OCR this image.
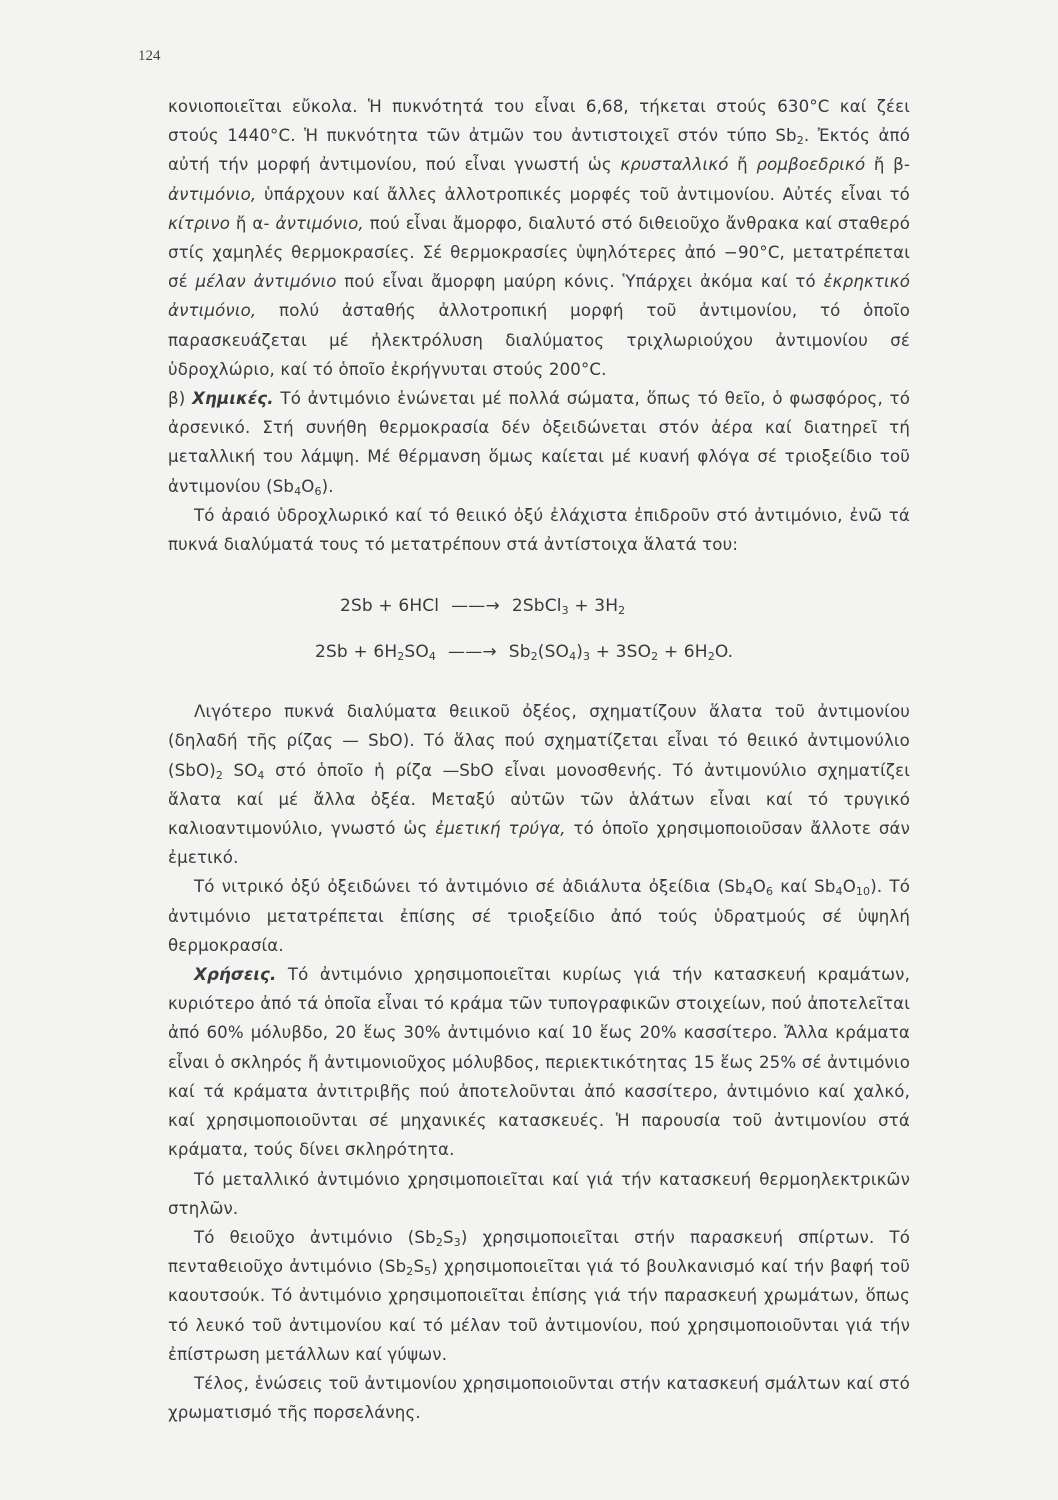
124

κονιοποιεῖται εὔκολα. Ἡ πυκνότητά του εἶναι 6,68, τήκεται στούς 630°C καί ζέει στούς 1440°C. Ἡ πυκνότητα τῶν ἀτμῶν του ἀντιστοιχεῖ στόν τύπο $Sb_2$. Ἐκτός ἀπό αὐτή τήν μορφή ἀντιμονίου, πού εἶναι γνωστή ὡς κρυσταλλικό ἤ ρομβοεδρικό ἤ β- ἀντιμόνιο, ὑπάρχουν καί ἄλλες ἀλλοτροπικές μορφές τοῦ ἀντιμονίου. Αὐτές εἶναι τό κίτρινο ἤ α- ἀντιμόνιο, πού εἶναι ἄμορφο, διαλυτό στό διθειοῦχο ἄνθρακα καί σταθερό στίς χαμηλές θερμοκρασίες. Σέ θερμοκρασίες ὑψηλότερες ἀπό −90°C, μετατρέπεται σέ μέλαν ἀντιμόνιο πού εἶναι ἄμορφη μαύρη κόνις. Ὑπάρχει ἀκόμα καί τό ἐκρηκτικό ἀντιμόνιο, πολύ ἀσταθής ἀλλοτροπική μορφή τοῦ ἀντιμονίου, τό ὁποῖο παρασκευάζεται μέ ἠλεκτρόλυση διαλύματος τριχλωριούχου ἀντιμονίου σέ ὑδροχλώριο, καί τό ὁποῖο ἐκρήγνυται στούς 200°C.

β) Χημικές. Τό ἀντιμόνιο ἑνώνεται μέ πολλά σώματα, ὅπως τό θεῖο, ὁ φωσφόρος, τό ἀρσενικό. Στή συνήθη θερμοκρασία δέν ὀξειδώνεται στόν ἀέρα καί διατηρεῖ τή μεταλλική του λάμψη. Μέ θέρμανση ὅμως καίεται μέ κυανή φλόγα σέ τριοξείδιο τοῦ ἀντιμονίου $(Sb_4O_6)$.

Τό ἀραιό ὑδροχλωρικό καί τό θειικό ὀξύ ἐλάχιστα ἐπιδροῦν στό ἀντιμόνιο, ἐνῶ τά πυκνά διαλύματά τους τό μετατρέπουν στά ἀντίστοιχα ἅλατά του:

2Sb + 6HCl ——→ 2SbCl$_3$ + $3H_2$
$2Sb + 6H_2SO_4$ ——→ $Sb_2(SO_4)_3 + 3SO_2 + 6H_2O$.

Λιγότερο πυκνά διαλύματα θειικοῦ ὀξέος, σχηματίζουν ἅλατα τοῦ ἀντιμονίου (δηλαδή τῆς ρίζας — SbO). Τό ἅλας πού σχηματίζεται εἶναι τό θειικό ἀντιμονύλιο $(SbO)_2$ $SO_4$ στό ὁποῖο ἡ ρίζα —SbO εἶναι μονοσθενής. Τό ἀντιμονύλιο σχηματίζει ἅλατα καί μέ ἄλλα ὀξέα. Μεταξύ αὐτῶν τῶν ἁλάτων εἶναι καί τό τρυγικό καλιοαντιμονύλιο, γνωστό ὡς ἐμετική τρύγα, τό ὁποῖο χρησιμοποιοῦσαν ἄλλοτε σάν ἐμετικό.

Τό νιτρικό ὀξύ ὀξειδώνει τό ἀντιμόνιο σέ ἀδιάλυτα ὀξείδια ($Sb_4O_6$ καί $Sb_4O_{10}$). Τό ἀντιμόνιο μετατρέπεται ἐπίσης σέ τριοξείδιο ἀπό τούς ὑδρατμούς σέ ὑψηλή θερμοκρασία.

Χρήσεις. Τό ἀντιμόνιο χρησιμοποιεῖται κυρίως γιά τήν κατασκευή κραμάτων, κυριότερο ἀπό τά ὁποῖα εἶναι τό κράμα τῶν τυπογραφικῶν στοιχείων, πού ἀποτελεῖται ἀπό 60% μόλυβδο, 20 ἕως 30% ἀντιμόνιο καί 10 ἕως 20% κασσίτερο. Ἄλλα κράματα εἶναι ὁ σκληρός ἤ ἀντιμονιοῦχος μόλυβδος, περιεκτικότητας 15 ἕως 25% σέ ἀντιμόνιο καί τά κράματα ἀντιτριβῆς πού ἀποτελοῦνται ἀπό κασσίτερο, ἀντιμόνιο καί χαλκό, καί χρησιμοποιοῦνται σέ μηχανικές κατασκευές. Ἡ παρουσία τοῦ ἀντιμονίου στά κράματα, τούς δίνει σκληρότητα.

Τό μεταλλικό ἀντιμόνιο χρησιμοποιεῖται καί γιά τήν κατασκευή θερμοηλεκτρικῶν στηλῶν.

Τό θειοῦχο ἀντιμόνιο $(Sb_2S_3)$ χρησιμοποιεῖται στήν παρασκευή σπίρτων. Τό πενταθειοῦχο ἀντιμόνιο $(Sb_2S_5)$ χρησιμοποιεῖται γιά τό βουλκανισμό καί τήν βαφή τοῦ καουτσούκ. Τό ἀντιμόνιο χρησιμοποιεῖται ἐπίσης γιά τήν παρασκευή χρωμάτων, ὅπως τό λευκό τοῦ ἀντιμονίου καί τό μέλαν τοῦ ἀντιμονίου, πού χρησιμοποιοῦνται γιά τήν ἐπίστρωση μετάλλων καί γύψων.

Τέλος, ἑνώσεις τοῦ ἀντιμονίου χρησιμοποιοῦνται στήν κατασκευή σμάλτων καί στό χρωματισμό τῆς πορσελάνης.
